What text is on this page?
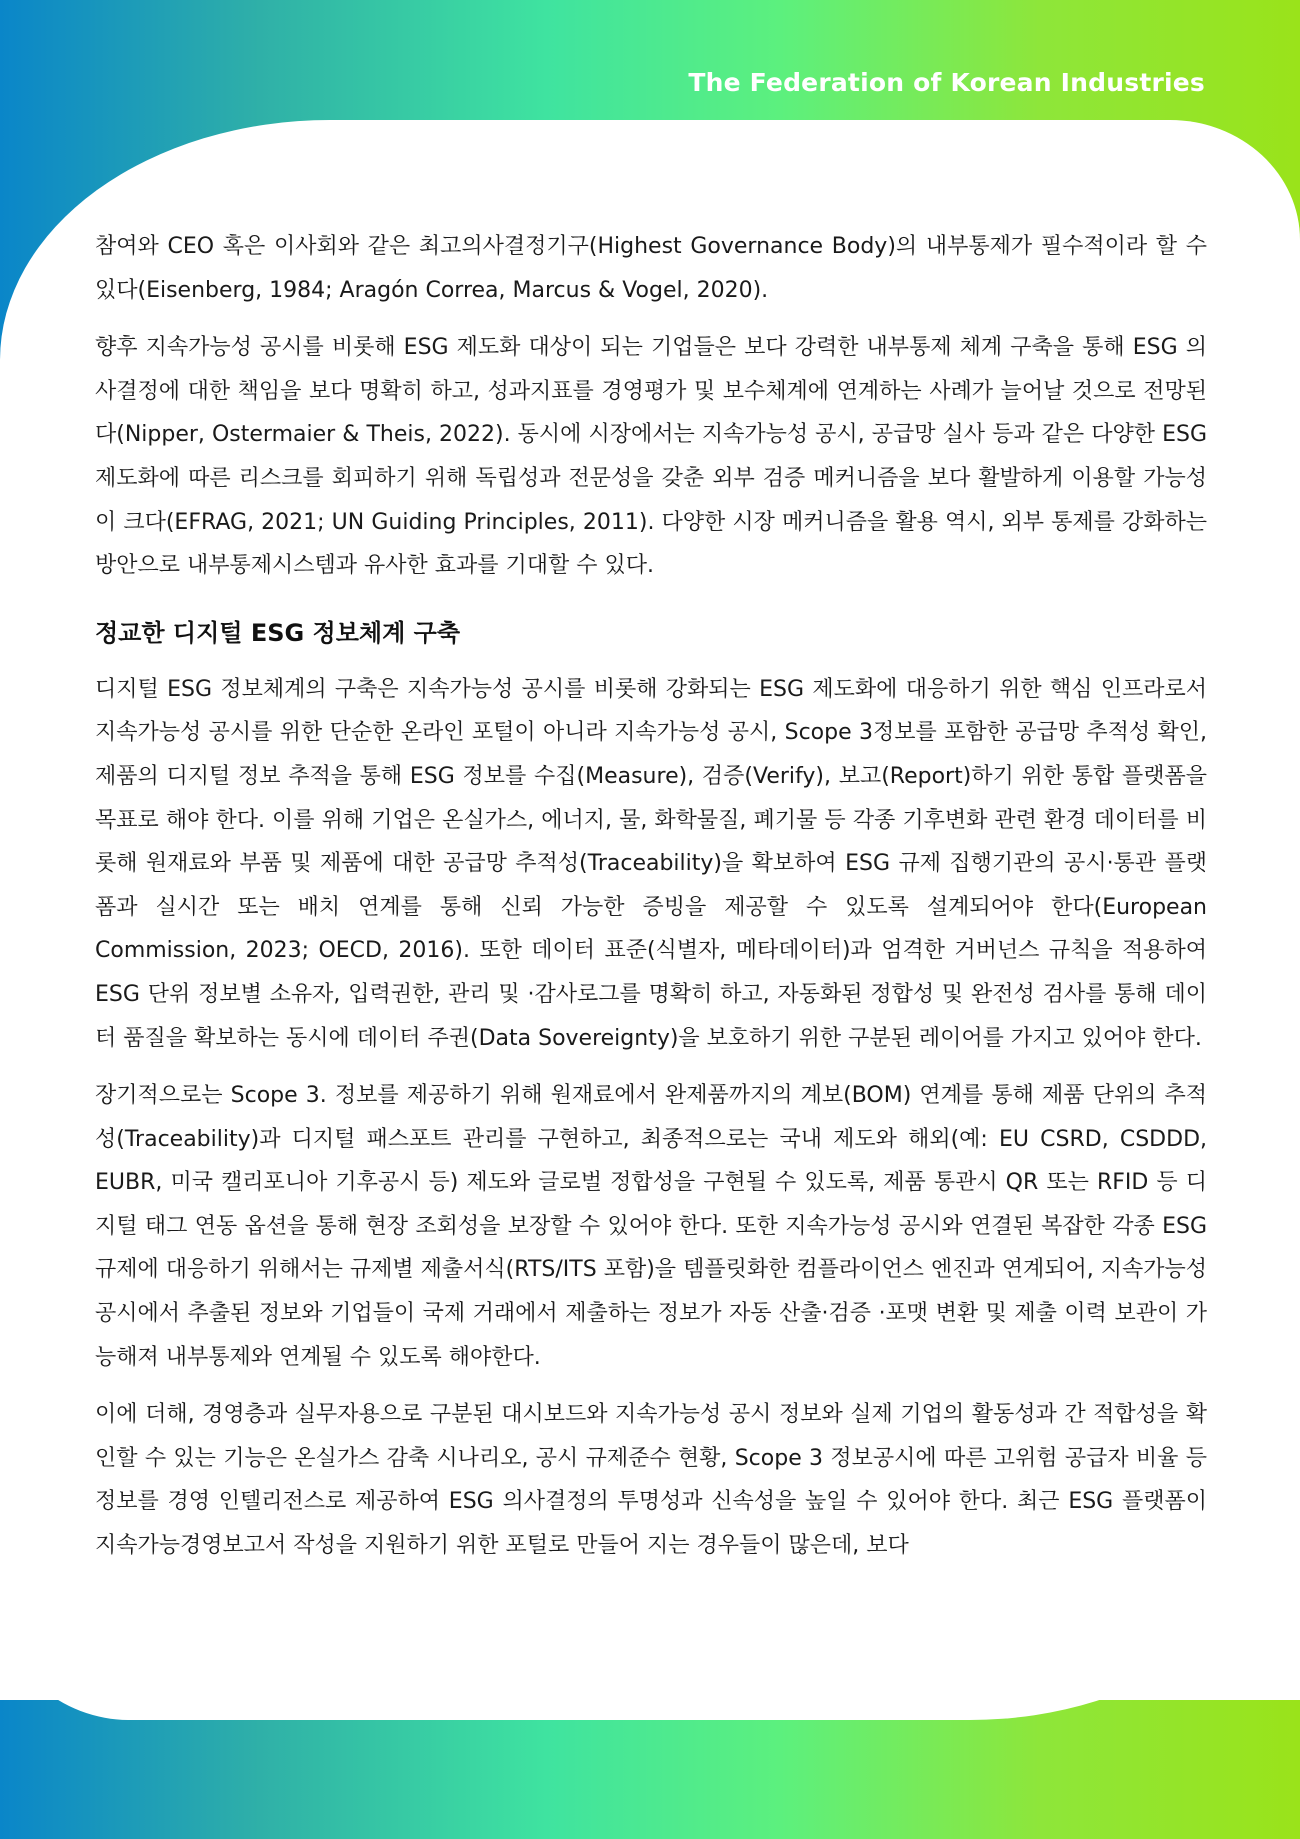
The Federation of Korean Industries

참여와 CEO 혹은 이사회와 같은 최고의사결정기구(Highest Governance Body)의 내부통제가 필수적이라 할 수 있다(Eisenberg, 1984; Aragón Correa, Marcus & Vogel, 2020).

향후 지속가능성 공시를 비롯해 ESG 제도화 대상이 되는 기업들은 보다 강력한 내부통제 체계 구축을 통해 ESG 의사결정에 대한 책임을 보다 명확히 하고, 성과지표를 경영평가 및 보수체계에 연계하는 사례가 늘어날 것으로 전망된다(Nipper, Ostermaier & Theis, 2022). 동시에 시장에서는 지속가능성 공시, 공급망 실사 등과 같은 다양한 ESG 제도화에 따른 리스크를 회피하기 위해 독립성과 전문성을 갖춘 외부 검증 메커니즘을 보다 활발하게 이용할 가능성이 크다(EFRAG, 2021; UN Guiding Principles, 2011). 다양한 시장 메커니즘을 활용 역시, 외부 통제를 강화하는 방안으로 내부통제시스템과 유사한 효과를 기대할 수 있다.

정교한 디지털 ESG 정보체계 구축

디지털 ESG 정보체계의 구축은 지속가능성 공시를 비롯해 강화되는 ESG 제도화에 대응하기 위한 핵심 인프라로서 지속가능성 공시를 위한 단순한 온라인 포털이 아니라 지속가능성 공시, Scope 3정보를 포함한 공급망 추적성 확인, 제품의 디지털 정보 추적을 통해 ESG 정보를 수집(Measure), 검증(Verify), 보고(Report)하기 위한 통합 플랫폼을 목표로 해야 한다. 이를 위해 기업은 온실가스, 에너지, 물, 화학물질, 폐기물 등 각종 기후변화 관련 환경 데이터를 비롯해 원재료와 부품 및 제품에 대한 공급망 추적성(Traceability)을 확보하여 ESG 규제 집행기관의 공시·통관 플랫폼과 실시간 또는 배치 연계를 통해 신뢰 가능한 증빙을 제공할 수 있도록 설계되어야 한다(European Commission, 2023; OECD, 2016). 또한 데이터 표준(식별자, 메타데이터)과 엄격한 거버넌스 규칙을 적용하여 ESG 단위 정보별 소유자, 입력권한, 관리 및 ·감사로그를 명확히 하고, 자동화된 정합성 및 완전성 검사를 통해 데이터 품질을 확보하는 동시에 데이터 주권(Data Sovereignty)을 보호하기 위한 구분된 레이어를 가지고 있어야 한다.

장기적으로는 Scope 3. 정보를 제공하기 위해 원재료에서 완제품까지의 계보(BOM) 연계를 통해 제품 단위의 추적성(Traceability)과 디지털 패스포트 관리를 구현하고, 최종적으로는 국내 제도와 해외(예: EU CSRD, CSDDD, EUBR, 미국 캘리포니아 기후공시 등) 제도와 글로벌 정합성을 구현될 수 있도록, 제품 통관시 QR 또는 RFID 등 디지털 태그 연동 옵션을 통해 현장 조회성을 보장할 수 있어야 한다. 또한 지속가능성 공시와 연결된 복잡한 각종 ESG 규제에 대응하기 위해서는 규제별 제출서식(RTS/ITS 포함)을 템플릿화한 컴플라이언스 엔진과 연계되어, 지속가능성 공시에서 추출된 정보와 기업들이 국제 거래에서 제출하는 정보가 자동 산출·검증 ·포맷 변환 및 제출 이력 보관이 가능해져 내부통제와 연계될 수 있도록 해야한다.

이에 더해, 경영층과 실무자용으로 구분된 대시보드와 지속가능성 공시 정보와 실제 기업의 활동성과 간 적합성을 확인할 수 있는 기능은 온실가스 감축 시나리오, 공시 규제준수 현황, Scope 3 정보공시에 따른 고위험 공급자 비율 등 정보를 경영 인텔리전스로 제공하여 ESG 의사결정의 투명성과 신속성을 높일 수 있어야 한다. 최근 ESG 플랫폼이 지속가능경영보고서 작성을 지원하기 위한 포털로 만들어 지는 경우들이 많은데, 보다
